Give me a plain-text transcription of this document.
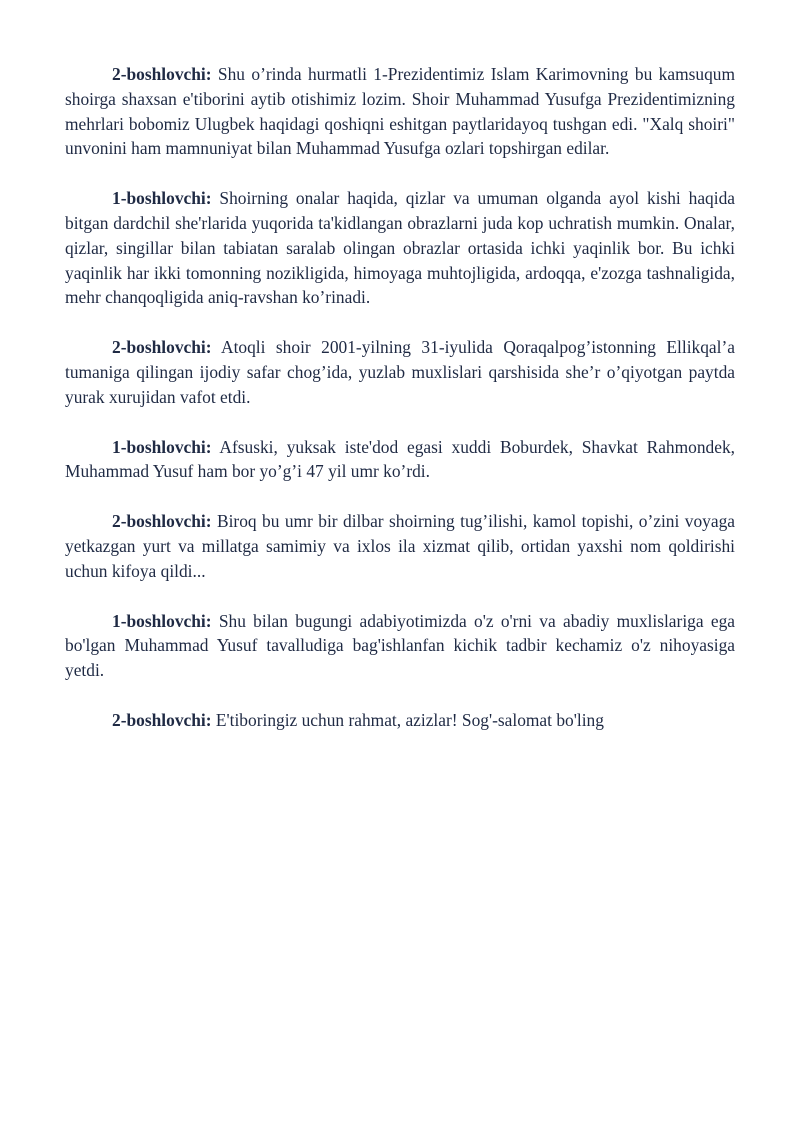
2-boshlovchi: Shu o’rinda hurmatli 1-Prezidentimiz Islam Karimovning bu kamsuqum shoirga shaxsan e'tiborini aytib otishimiz lozim. Shoir Muhammad Yusufga Prezidentimizning mehrlari bobomiz Ulugbek haqidagi qoshiqni eshitgan paytlaridayoq tushgan edi. "Xalq shoiri" unvonini ham mamnuniyat bilan Muhammad Yusufga ozlari topshirgan edilar.

1-boshlovchi: Shoirning onalar haqida, qizlar va umuman olganda ayol kishi haqida bitgan dardchil she'rlarida yuqorida ta'kidlangan obrazlarni juda kop uchratish mumkin. Onalar, qizlar, singillar bilan tabiatan saralab olingan obrazlar ortasida ichki yaqinlik bor. Bu ichki yaqinlik har ikki tomonning nozikligida, himoyaga muhtojligida, ardoqqa, e'zozga tashnaligida, mehr chanqoqligida aniq-ravshan ko’rinadi.

2-boshlovchi: Atoqli shoir 2001-yilning 31-iyulida Qoraqalpog’istonning Ellikqal’a tumaniga qilingan ijodiy safar chog’ida, yuzlab muxlislari qarshisida she’r o’qiyotgan paytda yurak xurujidan vafot etdi.

1-boshlovchi: Afsuski, yuksak iste'dod egasi xuddi Boburdek, Shavkat Rahmondek, Muhammad Yusuf ham bor yo’g’i 47 yil umr ko’rdi.

2-boshlovchi: Biroq bu umr bir dilbar shoirning tug’ilishi, kamol topishi, o’zini voyaga yetkazgan yurt va millatga samimiy va ixlos ila xizmat qilib, ortidan yaxshi nom qoldirishi uchun kifoya qildi...

1-boshlovchi: Shu bilan bugungi adabiyotimizda o'z o'rni va abadiy muxlislariga ega bo'lgan Muhammad Yusuf tavalludiga bag'ishlanfan kichik tadbir kechamiz o'z nihoyasiga yetdi.

2-boshlovchi: E'tiboringiz uchun rahmat, azizlar! Sog'-salomat bo'ling
